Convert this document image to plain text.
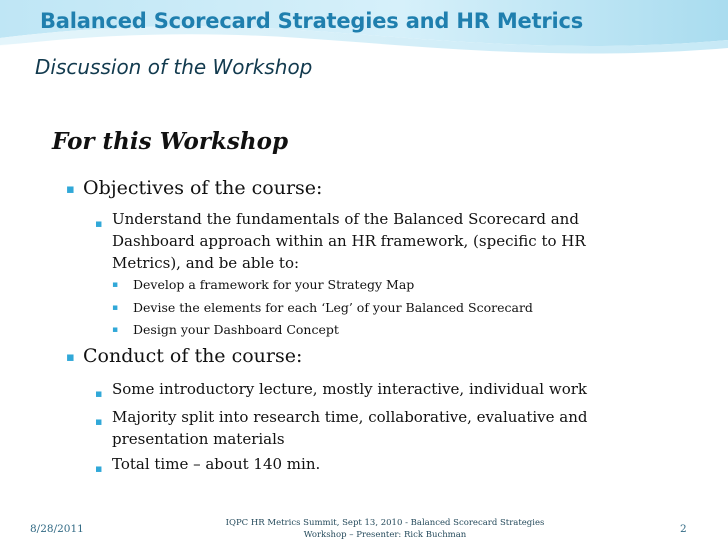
Balanced Scorecard Strategies and HR Metrics
Discussion of the Workshop
For this Workshop
▪ Objectives of the course:
▪ Understand the fundamentals of the Balanced Scorecard and Dashboard approach within an HR framework, (specific to HR Metrics), and be able to:
▪	Develop a framework for your Strategy Map
▪	Devise the elements for each ‘Leg’ of your Balanced Scorecard
▪	Design your Dashboard Concept
▪ Conduct of the course:
▪ Some introductory lecture, mostly interactive, individual work
▪ Majority split into research time, collaborative, evaluative and presentation materials
▪ Total time – about 140 min.
8/28/2011	IQPC HR Metrics Summit, Sept 13, 2010 - Balanced Scorecard Strategies
Workshop – Presenter: Rick Buchman	2
